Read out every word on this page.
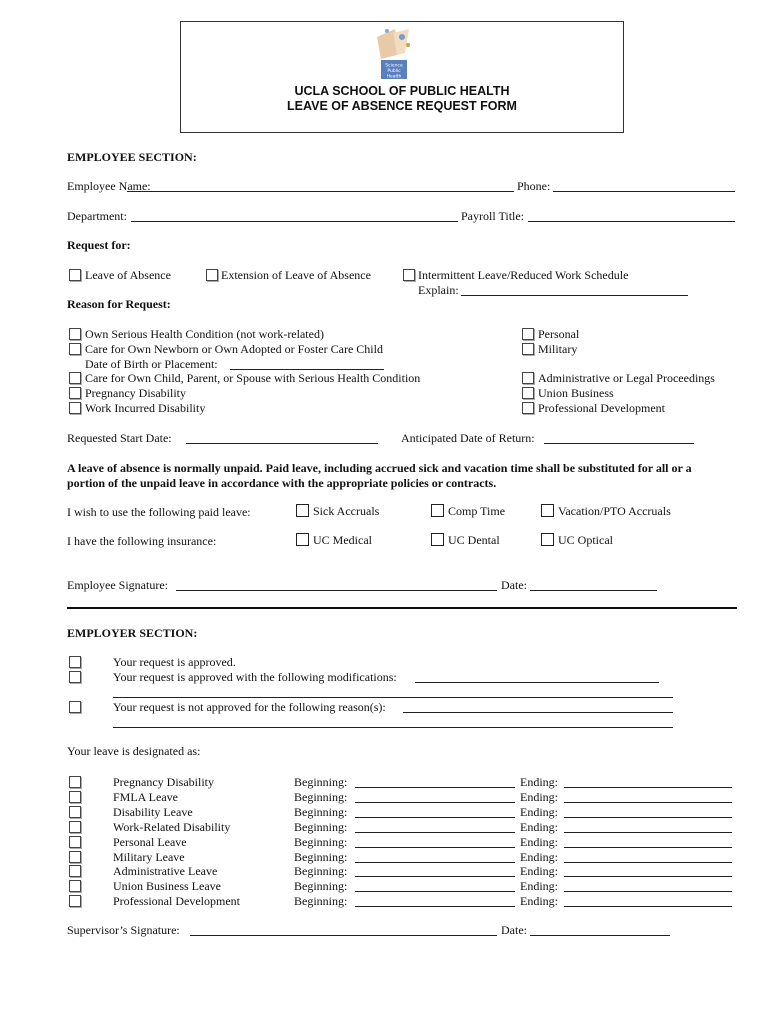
Science
Public
Health
UCLA SCHOOL OF PUBLIC HEALTH
LEAVE OF ABSENCE REQUEST FORM
EMPLOYEE SECTION:
Employee Name:	Phone:
Department:	Payroll Title:
Request for:
Leave of Absence	Extension of Leave of Absence	Intermittent Leave/Reduced Work Schedule
Explain:
Reason for Request:
Own Serious Health Condition (not work-related)
Care for Own Newborn or Own Adopted or Foster Care Child
Date of Birth or Placement:
Care for Own Child, Parent, or Spouse with Serious Health Condition
Pregnancy Disability
Work Incurred Disability
Personal
Military
Administrative or Legal Proceedings
Union Business
Professional Development
Requested Start Date:	Anticipated Date of Return:
A leave of absence is normally unpaid. Paid leave, including accrued sick and vacation time shall be substituted for all or a
portion of the unpaid leave in accordance with the appropriate policies or contracts.
I wish to use the following paid leave:	Sick Accruals	Comp Time	Vacation/PTO Accruals
I have the following insurance:	UC Medical	UC Dental	UC Optical
Employee Signature:	Date:
EMPLOYER SECTION:
Your request is approved.
Your request is approved with the following modifications:
Your request is not approved for the following reason(s):
Your leave is designated as:
Pregnancy Disability	Beginning:	Ending:
FMLA Leave	Beginning:	Ending:
Disability Leave	Beginning:	Ending:
Work-Related Disability	Beginning:	Ending:
Personal Leave	Beginning:	Ending:
Military Leave	Beginning:	Ending:
Administrative Leave	Beginning:	Ending:
Union Business Leave	Beginning:	Ending:
Professional Development	Beginning:	Ending:
Supervisor’s Signature:	Date:
